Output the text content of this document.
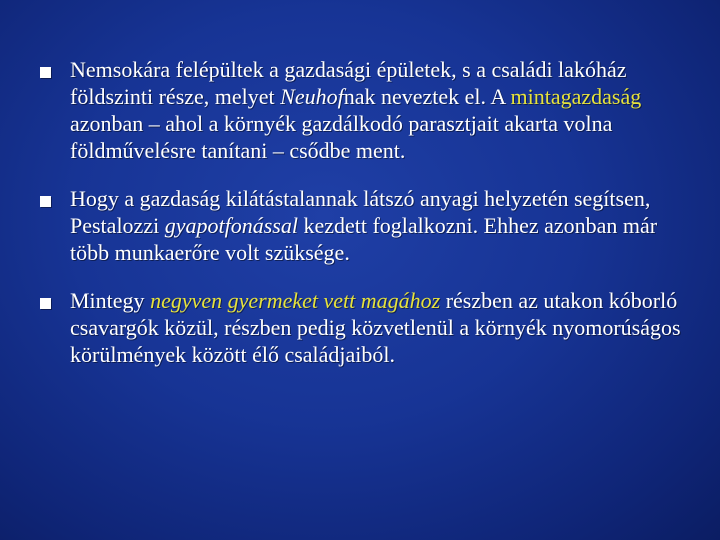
Nemsokára felépültek a gazdasági épületek, s a családi lakóház földszinti része, melyet Neuhofnak neveztek el. A mintagazdaság azonban – ahol a környék gazdálkodó parasztjait akarta volna földművelésre tanítani – csődbe ment.
Hogy a gazdaság kilátástalannak látszó anyagi helyzetén segítsen, Pestalozzi gyapotfonással kezdett foglalkozni. Ehhez azonban már több munkaerőre volt szüksége.
Mintegy negyven gyermeket vett magához részben az utakon kóborló csavargók közül, részben pedig közvetlenül a környék nyomorúságos körülmények között élő családjaiból.
